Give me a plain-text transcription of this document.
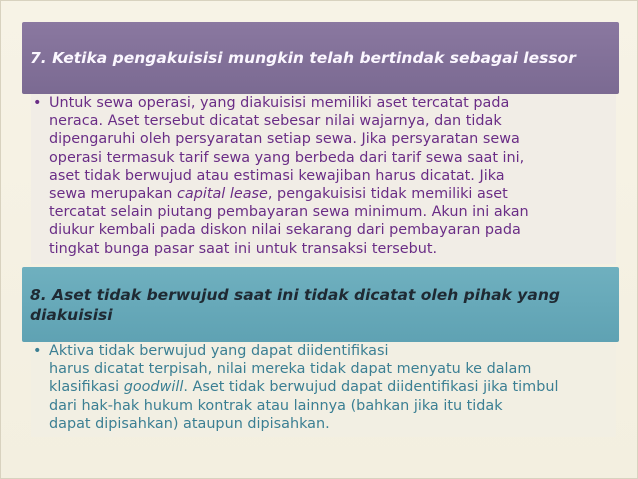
7. Ketika pengakuisisi mungkin telah bertindak sebagai lessor
• Untuk sewa operasi, yang diakuisisi memiliki aset tercatat pada
neraca. Aset tersebut dicatat sebesar nilai wajarnya, dan tidak
dipengaruhi oleh persyaratan setiap sewa. Jika persyaratan sewa
operasi termasuk tarif sewa yang berbeda dari tarif sewa saat ini,
aset tidak berwujud atau estimasi kewajiban harus dicatat. Jika
sewa merupakan capital lease, pengakuisisi tidak memiliki aset
tercatat selain piutang pembayaran sewa minimum. Akun ini akan
diukur kembali pada diskon nilai sekarang dari pembayaran pada
tingkat bunga pasar saat ini untuk transaksi tersebut.
8. Aset tidak berwujud saat ini tidak dicatat oleh pihak yang
diakuisisi
• Aktiva tidak berwujud yang dapat diidentifikasi
harus dicatat terpisah, nilai mereka tidak dapat menyatu ke dalam
klasifikasi goodwill. Aset tidak berwujud dapat diidentifikasi jika timbul
dari hak-hak hukum kontrak atau lainnya (bahkan jika itu tidak
dapat dipisahkan) ataupun dipisahkan.
